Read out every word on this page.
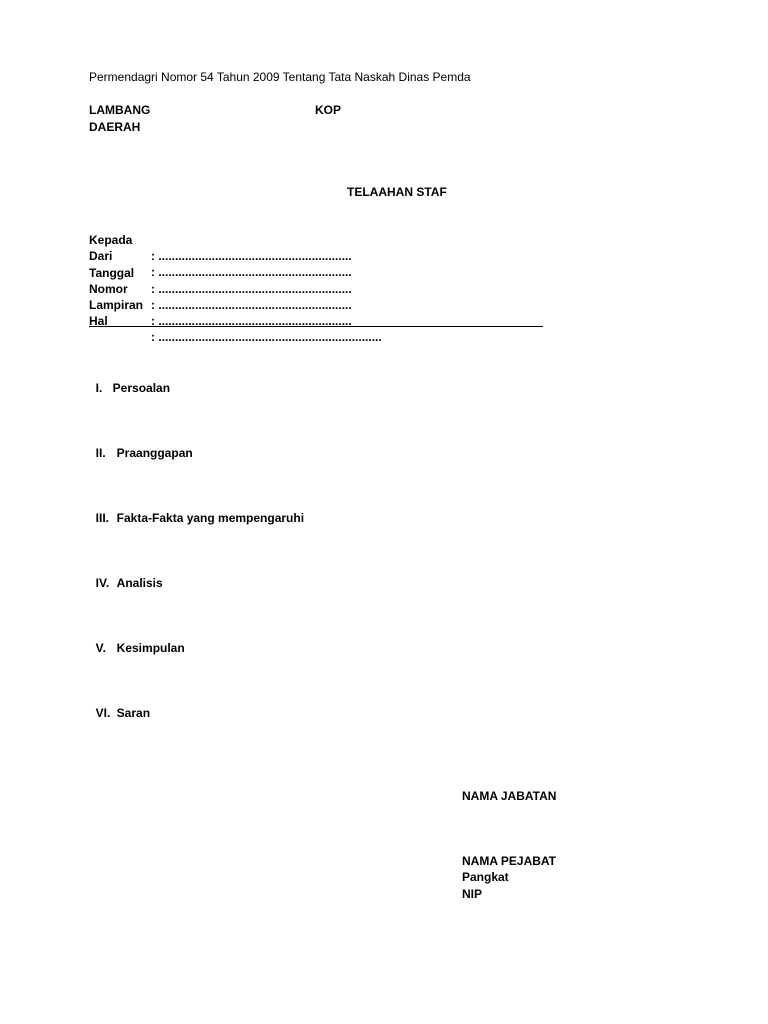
Permendagri Nomor 54 Tahun 2009 Tentang Tata Naskah Dinas Pemda
LAMBANG
DAERAH
KOP
TELAAHAN STAF

Kepada

: ..........................................................

Dari

: ..........................................................

Tanggal

: ..........................................................

Nomor

: ..........................................................

Lampiran

: ..........................................................

Hal

: ...................................................................

I. Persoalan

II. Praanggapan

III. Fakta-Fakta yang mempengaruhi

IV. Analisis

V. Kesimpulan

VI. Saran

NAMA JABATAN
NAMA PEJABAT
Pangkat
NIP
